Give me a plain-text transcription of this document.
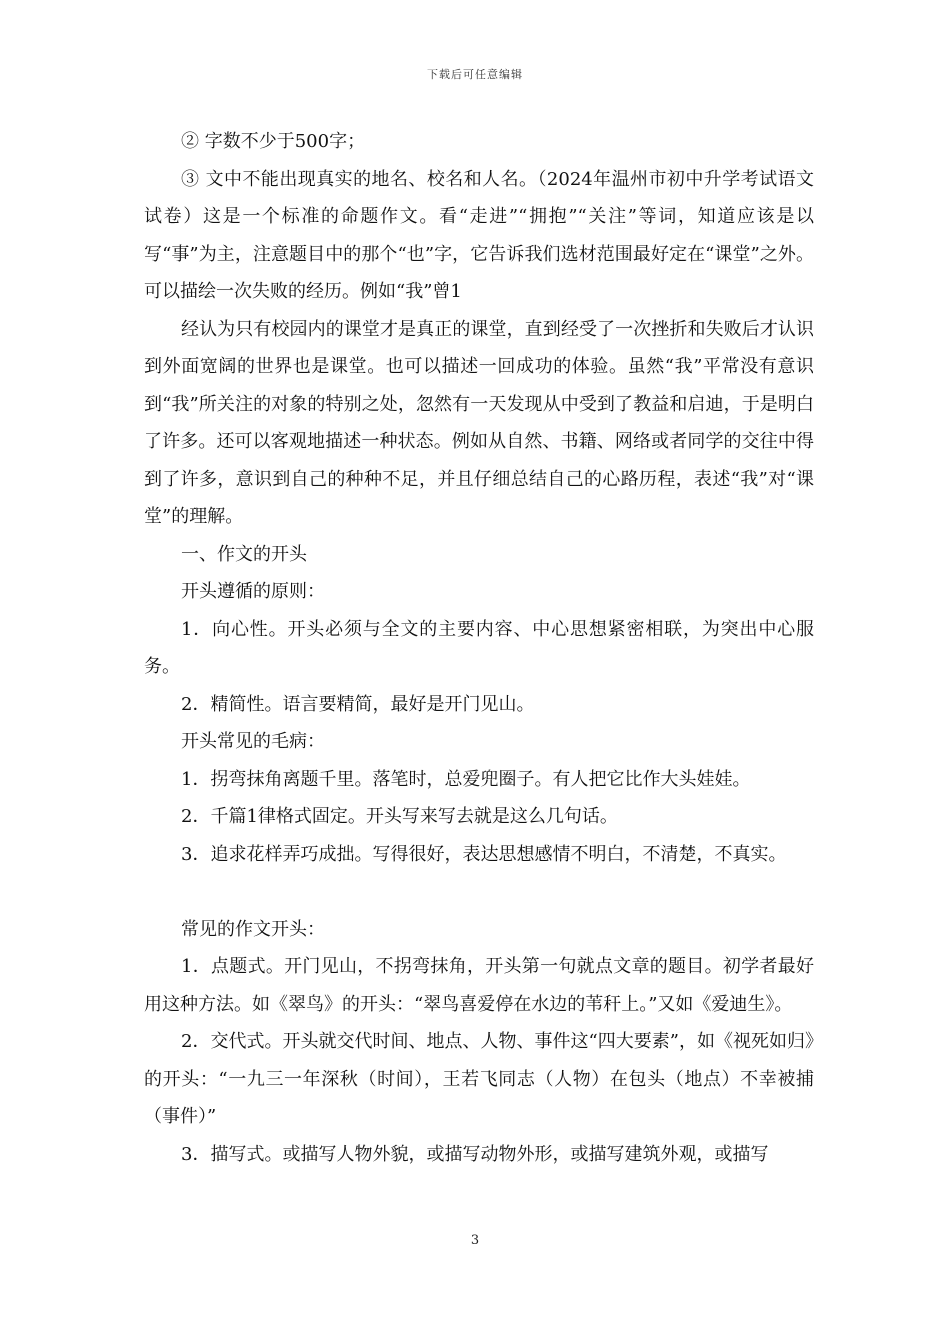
下载后可任意编辑

② 字数不少于500字；

③ 文中不能出现真实的地名、校名和人名。（2024年温州市初中升学考试语文试卷）这是一个标准的命题作文。看“走进”“拥抱”“关注”等词，知道应该是以写“事”为主，注意题目中的那个“也”字，它告诉我们选材范围最好定在“课堂”之外。可以描绘一次失败的经历。例如“我”曾1

经认为只有校园内的课堂才是真正的课堂，直到经受了一次挫折和失败后才认识到外面宽阔的世界也是课堂。也可以描述一回成功的体验。虽然“我”平常没有意识到“我”所关注的对象的特别之处，忽然有一天发现从中受到了教益和启迪，于是明白了许多。还可以客观地描述一种状态。例如从自然、书籍、网络或者同学的交往中得到了许多，意识到自己的种种不足，并且仔细总结自己的心路历程，表述“我”对“课堂”的理解。

一、作文的开头

开头遵循的原则：

1．向心性。开头必须与全文的主要内容、中心思想紧密相联，为突出中心服务。

2．精简性。语言要精简，最好是开门见山。

开头常见的毛病：

1．拐弯抹角离题千里。落笔时，总爱兜圈子。有人把它比作大头娃娃。

2．千篇1律格式固定。开头写来写去就是这么几句话。

3．追求花样弄巧成拙。写得很好，表达思想感情不明白，不清楚，不真实。

常见的作文开头：

1．点题式。开门见山，不拐弯抹角，开头第一句就点文章的题目。初学者最好用这种方法。如《翠鸟》的开头：“翠鸟喜爱停在水边的苇秆上。”又如《爱迪生》。

2．交代式。开头就交代时间、地点、人物、事件这“四大要素”，如《视死如归》的开头：“一九三一年深秋（时间），王若飞同志（人物）在包头（地点）不幸被捕（事件）”

3．描写式。或描写人物外貌，或描写动物外形，或描写建筑外观，或描写

3
